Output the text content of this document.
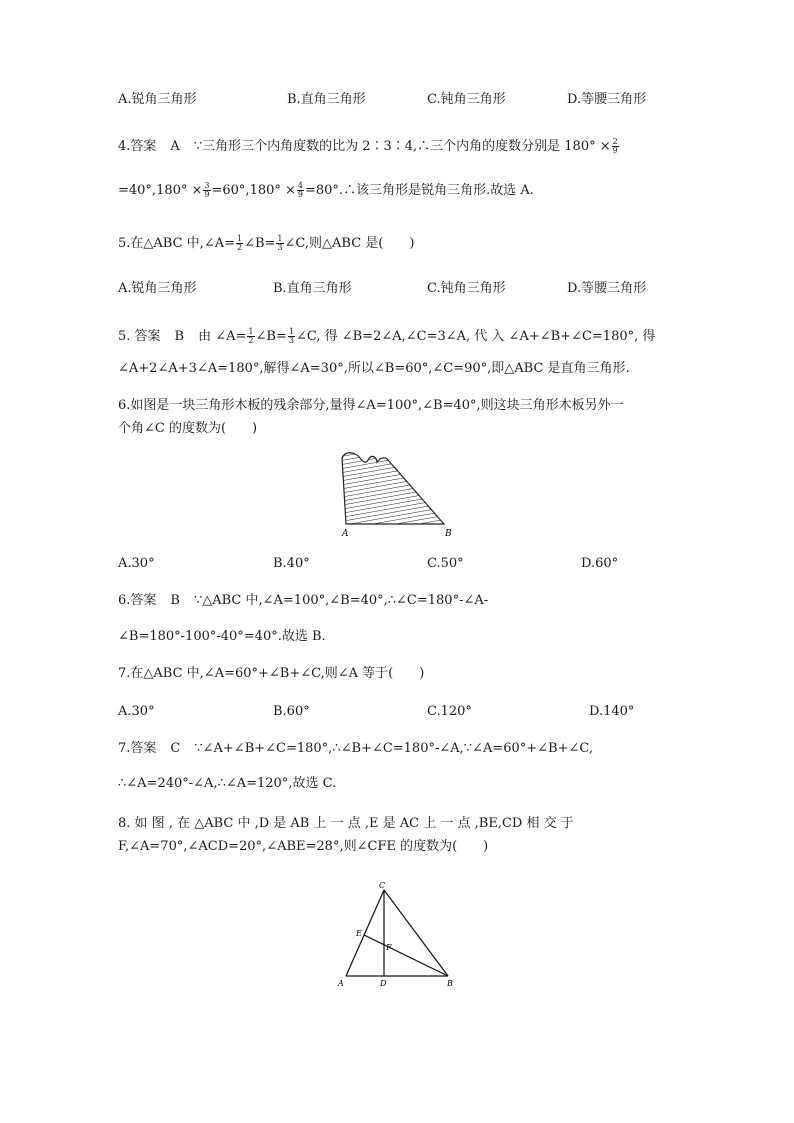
A.锐角三角形	B.直角三角形	C.钝角三角形	D.等腰三角形
4.答案 A ∵三角形三个内角度数的比为 2∶3∶4,∴三个内角的度数分别是 $180^\circ \times \frac{2}{9}$
$=40^\circ,180^\circ \times \frac{3}{9} =60^\circ,180^\circ \times \frac{4}{9}$ =80°.∴该三角形是锐角三角形.故选 A.
5.在△ABC 中,∠A= $\frac{1}{2}$ ∠B= $\frac{1}{3}$ ∠C,则△ABC 是(　　)
A.锐角三角形	B.直角三角形	C.钝角三角形	D.等腰三角形
5. 答案 B 由 ∠A= $\frac{1}{2}$ ∠B= $\frac{1}{3}$ ∠C, 得 ∠B=2∠A,∠C=3∠A, 代 入 ∠A+∠B+∠C=180°, 得
∠A+2∠A+3∠A=180°,解得∠A=30°,所以∠B=60°,∠C=90°,即△ABC 是直角三角形.
6.如图是一块三角形木板的残余部分,量得∠A=100°,∠B=40°,则这块三角形木板另外一
个角∠C 的度数为(　　)
A	B
A.30°	B.40°	C.50°	D.60°
6.答案 B ∵△ABC 中,∠A=100°,∠B=40°,∴∠C=180°-∠A-
∠B=180°-100°-40°=40°.故选 B.
7.在△ABC 中,∠A=60°+∠B+∠C,则∠A 等于(　　)
A.30°	B.60°	C.120°	D.140°
7.答案 C ∵∠A+∠B+∠C=180°,∴∠B+∠C=180°-∠A,∵∠A=60°+∠B+∠C,
∴∠A=240°-∠A,∴∠A=120°,故选 C.
8. 如 图 , 在 △ABC 中 ,D 是 AB 上 一 点 ,E 是 AC 上 一 点 ,BE,CD 相 交 于
F,∠A=70°,∠ACD=20°,∠ABE=28°,则∠CFE 的度数为(　　)
C
E
F
A	D	B
